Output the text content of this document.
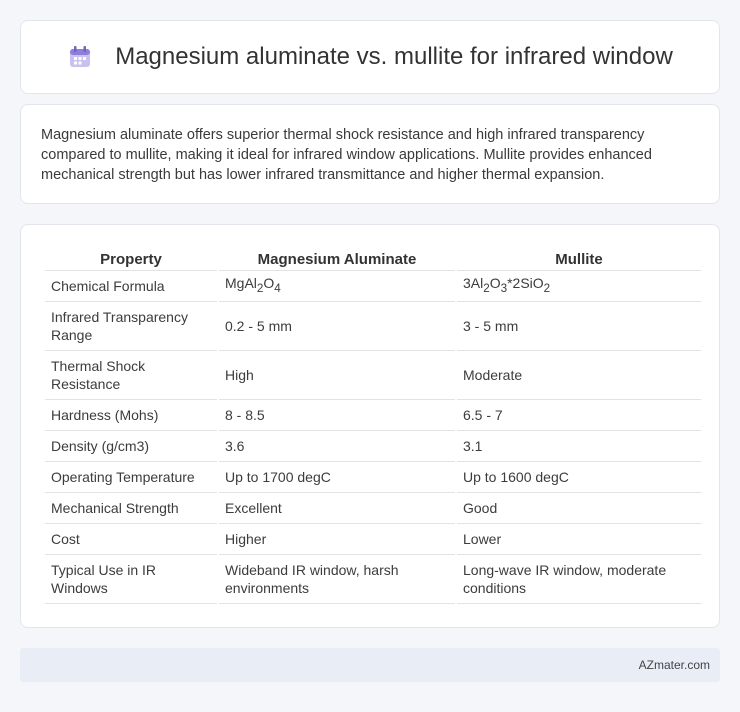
Magnesium aluminate vs. mullite for infrared window

Magnesium aluminate offers superior thermal shock resistance and high infrared transparency compared to mullite, making it ideal for infrared window applications. Mullite provides enhanced mechanical strength but has lower infrared transmittance and higher thermal expansion.

Property	Magnesium Aluminate	Mullite
Chemical Formula	$MgAl_2O_4$	$3Al_2O_3*2SiO_2$
Infrared Transparency Range	0.2 - 5 mm	3 - 5 mm
Thermal Shock Resistance	High	Moderate
Hardness (Mohs)	8 - 8.5	6.5 - 7
Density (g/cm3)	3.6	3.1
Operating Temperature	Up to 1700 degC	Up to 1600 degC
Mechanical Strength	Excellent	Good
Cost	Higher	Lower
Typical Use in IR Windows	Wideband IR window, harsh environments	Long-wave IR window, moderate conditions
AZmater.com
